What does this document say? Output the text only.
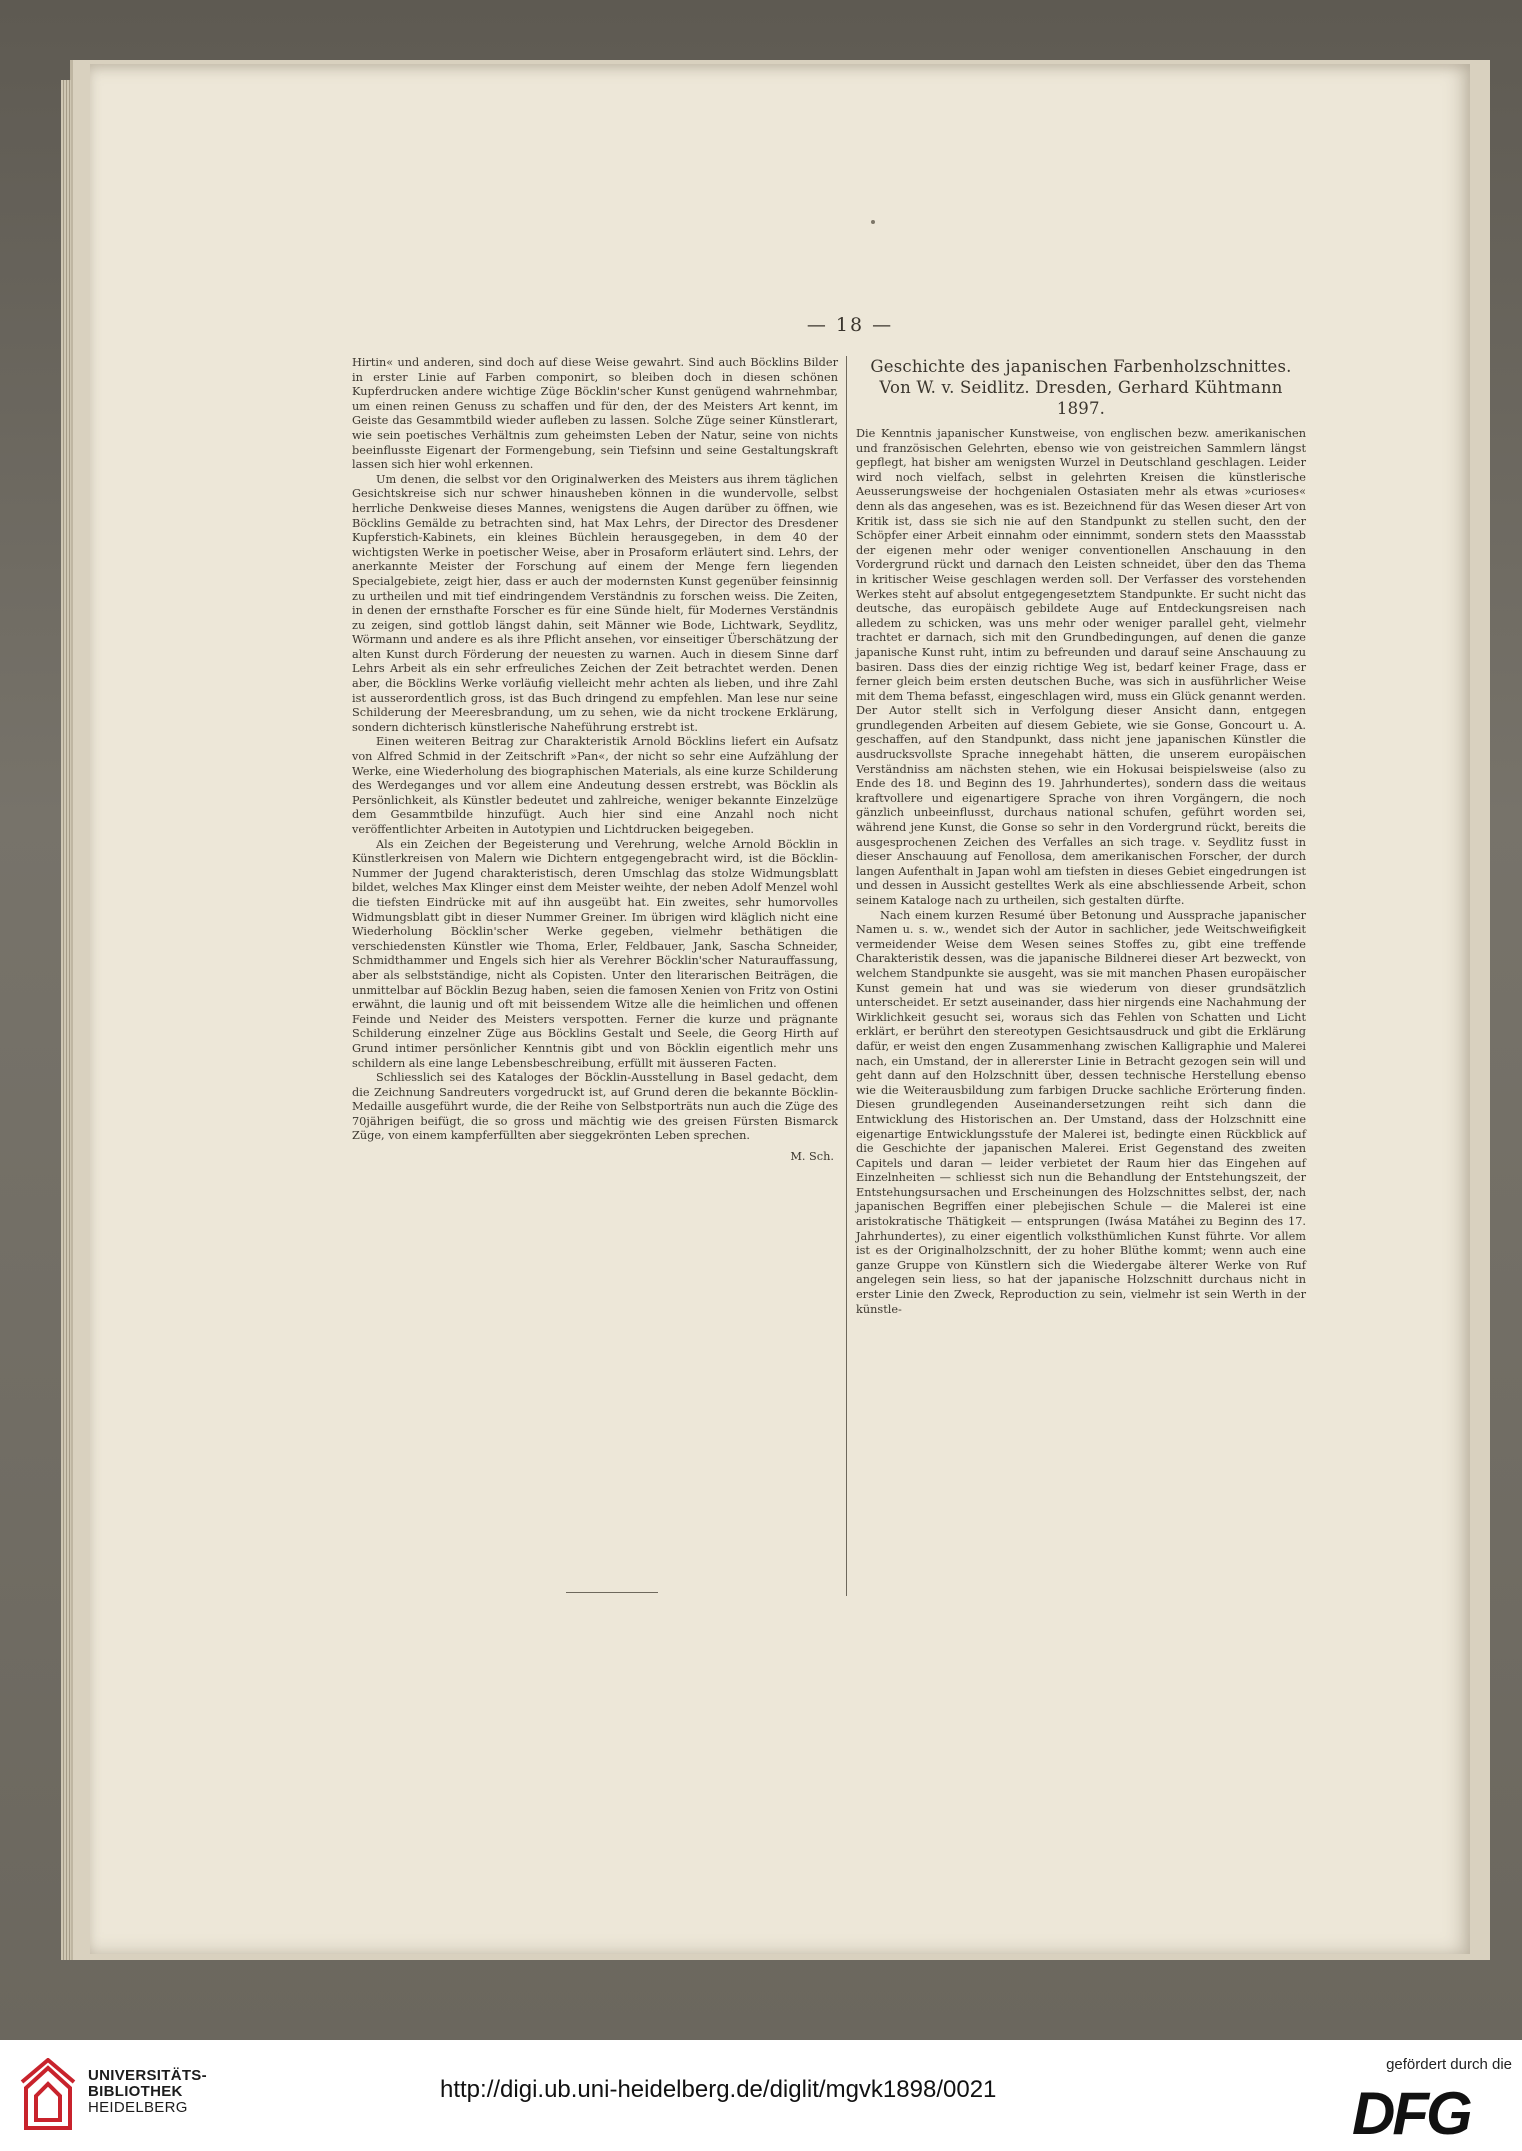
— 18 —

Hirtin« und anderen, sind doch auf diese Weise gewahrt. Sind auch Böcklins Bilder in erster Linie auf Farben componirt, so bleiben doch in diesen schönen Kupferdrucken andere wichtige Züge Böcklin'scher Kunst genügend wahrnehmbar, um einen reinen Genuss zu schaffen und für den, der des Meisters Art kennt, im Geiste das Gesammtbild wieder aufleben zu lassen. Solche Züge seiner Künstlerart, wie sein poetisches Verhältnis zum geheimsten Leben der Natur, seine von nichts beeinflusste Eigenart der Formengebung, sein Tiefsinn und seine Gestaltungskraft lassen sich hier wohl erkennen.

Um denen, die selbst vor den Originalwerken des Meisters aus ihrem täglichen Gesichtskreise sich nur schwer hinausheben können in die wundervolle, selbst herrliche Denkweise dieses Mannes, wenigstens die Augen darüber zu öffnen, wie Böcklins Gemälde zu betrachten sind, hat Max Lehrs, der Director des Dresdener Kupferstich-Kabinets, ein kleines Büchlein herausgegeben, in dem 40 der wichtigsten Werke in poetischer Weise, aber in Prosaform erläutert sind. Lehrs, der anerkannte Meister der Forschung auf einem der Menge fern liegenden Specialgebiete, zeigt hier, dass er auch der modernsten Kunst gegenüber feinsinnig zu urtheilen und mit tief eindringendem Verständnis zu forschen weiss. Die Zeiten, in denen der ernsthafte Forscher es für eine Sünde hielt, für Modernes Verständnis zu zeigen, sind gottlob längst dahin, seit Männer wie Bode, Lichtwark, Seydlitz, Wörmann und andere es als ihre Pflicht ansehen, vor einseitiger Überschätzung der alten Kunst durch Förderung der neuesten zu warnen. Auch in diesem Sinne darf Lehrs Arbeit als ein sehr erfreuliches Zeichen der Zeit betrachtet werden. Denen aber, die Böcklins Werke vorläufig vielleicht mehr achten als lieben, und ihre Zahl ist ausserordentlich gross, ist das Buch dringend zu empfehlen. Man lese nur seine Schilderung der Meeresbrandung, um zu sehen, wie da nicht trockene Erklärung, sondern dichterisch künstlerische Naheführung erstrebt ist.

Einen weiteren Beitrag zur Charakteristik Arnold Böcklins liefert ein Aufsatz von Alfred Schmid in der Zeitschrift »Pan«, der nicht so sehr eine Aufzählung der Werke, eine Wiederholung des biographischen Materials, als eine kurze Schilderung des Werdeganges und vor allem eine Andeutung dessen erstrebt, was Böcklin als Persönlichkeit, als Künstler bedeutet und zahlreiche, weniger bekannte Einzelzüge dem Gesammtbilde hinzufügt. Auch hier sind eine Anzahl noch nicht veröffentlichter Arbeiten in Autotypien und Lichtdrucken beigegeben.

Als ein Zeichen der Begeisterung und Verehrung, welche Arnold Böcklin in Künstlerkreisen von Malern wie Dichtern entgegengebracht wird, ist die Böcklin-Nummer der Jugend charakteristisch, deren Umschlag das stolze Widmungsblatt bildet, welches Max Klinger einst dem Meister weihte, der neben Adolf Menzel wohl die tiefsten Eindrücke mit auf ihn ausgeübt hat. Ein zweites, sehr humorvolles Widmungsblatt gibt in dieser Nummer Greiner. Im übrigen wird kläglich nicht eine Wiederholung Böcklin'scher Werke gegeben, vielmehr bethätigen die verschiedensten Künstler wie Thoma, Erler, Feldbauer, Jank, Sascha Schneider, Schmidthammer und Engels sich hier als Verehrer Böcklin'scher Naturauffassung, aber als selbstständige, nicht als Copisten. Unter den literarischen Beiträgen, die unmittelbar auf Böcklin Bezug haben, seien die famosen Xenien von Fritz von Ostini erwähnt, die launig und oft mit beissendem Witze alle die heimlichen und offenen Feinde und Neider des Meisters verspotten. Ferner die kurze und prägnante Schilderung einzelner Züge aus Böcklins Gestalt und Seele, die Georg Hirth auf Grund intimer persönlicher Kenntnis gibt und von Böcklin eigentlich mehr uns schildern als eine lange Lebensbeschreibung, erfüllt mit äusseren Facten.

Schliesslich sei des Kataloges der Böcklin-Ausstellung in Basel gedacht, dem die Zeichnung Sandreuters vorgedruckt ist, auf Grund deren die bekannte Böcklin-Medaille ausgeführt wurde, die der Reihe von Selbstporträts nun auch die Züge des 70jährigen beifügt, die so gross und mächtig wie des greisen Fürsten Bismarck Züge, von einem kampferfüllten aber sieggekrönten Leben sprechen.

M. Sch.

Geschichte des japanischen Farbenholzschnittes. Von W. v. Seidlitz. Dresden, Gerhard Kühtmann 1897.

Die Kenntnis japanischer Kunstweise, von englischen bezw. amerikanischen und französischen Gelehrten, ebenso wie von geistreichen Sammlern längst gepflegt, hat bisher am wenigsten Wurzel in Deutschland geschlagen. Leider wird noch vielfach, selbst in gelehrten Kreisen die künstlerische Aeusserungsweise der hochgenialen Ostasiaten mehr als etwas »curioses« denn als das angesehen, was es ist. Bezeichnend für das Wesen dieser Art von Kritik ist, dass sie sich nie auf den Standpunkt zu stellen sucht, den der Schöpfer einer Arbeit einnahm oder einnimmt, sondern stets den Maassstab der eigenen mehr oder weniger conventionellen Anschauung in den Vordergrund rückt und darnach den Leisten schneidet, über den das Thema in kritischer Weise geschlagen werden soll. Der Verfasser des vorstehenden Werkes steht auf absolut entgegengesetztem Standpunkte. Er sucht nicht das deutsche, das europäisch gebildete Auge auf Entdeckungsreisen nach alledem zu schicken, was uns mehr oder weniger parallel geht, vielmehr trachtet er darnach, sich mit den Grundbedingungen, auf denen die ganze japanische Kunst ruht, intim zu befreunden und darauf seine Anschauung zu basiren. Dass dies der einzig richtige Weg ist, bedarf keiner Frage, dass er ferner gleich beim ersten deutschen Buche, was sich in ausführlicher Weise mit dem Thema befasst, eingeschlagen wird, muss ein Glück genannt werden. Der Autor stellt sich in Verfolgung dieser Ansicht dann, entgegen grundlegenden Arbeiten auf diesem Gebiete, wie sie Gonse, Goncourt u. A. geschaffen, auf den Standpunkt, dass nicht jene japanischen Künstler die ausdrucksvollste Sprache innegehabt hätten, die unserem europäischen Verständniss am nächsten stehen, wie ein Hokusai beispielsweise (also zu Ende des 18. und Beginn des 19. Jahrhundertes), sondern dass die weitaus kraftvollere und eigenartigere Sprache von ihren Vorgängern, die noch gänzlich unbeeinflusst, durchaus national schufen, geführt worden sei, während jene Kunst, die Gonse so sehr in den Vordergrund rückt, bereits die ausgesprochenen Zeichen des Verfalles an sich trage. v. Seydlitz fusst in dieser Anschauung auf Fenollosa, dem amerikanischen Forscher, der durch langen Aufenthalt in Japan wohl am tiefsten in dieses Gebiet eingedrungen ist und dessen in Aussicht gestelltes Werk als eine abschliessende Arbeit, schon seinem Kataloge nach zu urtheilen, sich gestalten dürfte.

Nach einem kurzen Resumé über Betonung und Aussprache japanischer Namen u. s. w., wendet sich der Autor in sachlicher, jede Weitschweifigkeit vermeidender Weise dem Wesen seines Stoffes zu, gibt eine treffende Charakteristik dessen, was die japanische Bildnerei dieser Art bezweckt, von welchem Standpunkte sie ausgeht, was sie mit manchen Phasen europäischer Kunst gemein hat und was sie wiederum von dieser grundsätzlich unterscheidet. Er setzt auseinander, dass hier nirgends eine Nachahmung der Wirklichkeit gesucht sei, woraus sich das Fehlen von Schatten und Licht erklärt, er berührt den stereotypen Gesichtsausdruck und gibt die Erklärung dafür, er weist den engen Zusammenhang zwischen Kalligraphie und Malerei nach, ein Umstand, der in allererster Linie in Betracht gezogen sein will und geht dann auf den Holzschnitt über, dessen technische Herstellung ebenso wie die Weiterausbildung zum farbigen Drucke sachliche Erörterung finden. Diesen grundlegenden Auseinandersetzungen reiht sich dann die Entwicklung des Historischen an. Der Umstand, dass der Holzschnitt eine eigenartige Entwicklungsstufe der Malerei ist, bedingte einen Rückblick auf die Geschichte der japanischen Malerei. Erist Gegenstand des zweiten Capitels und daran — leider verbietet der Raum hier das Eingehen auf Einzelnheiten — schliesst sich nun die Behandlung der Entstehungszeit, der Entstehungsursachen und Erscheinungen des Holzschnittes selbst, der, nach japanischen Begriffen einer plebejischen Schule — die Malerei ist eine aristokratische Thätigkeit — entsprungen (Iwása Matáhei zu Beginn des 17. Jahrhundertes), zu einer eigentlich volksthümlichen Kunst führte. Vor allem ist es der Originalholzschnitt, der zu hoher Blüthe kommt; wenn auch eine ganze Gruppe von Künstlern sich die Wiedergabe älterer Werke von Ruf angelegen sein liess, so hat der japanische Holzschnitt durchaus nicht in erster Linie den Zweck, Reproduction zu sein, vielmehr ist sein Werth in der künstle-

UNIVERSITÄTS-
BIBLIOTHEK
HEIDELBERG
http://digi.ub.uni-heidelberg.de/diglit/mgvk1898/0021
gefördert durch die
DFG
